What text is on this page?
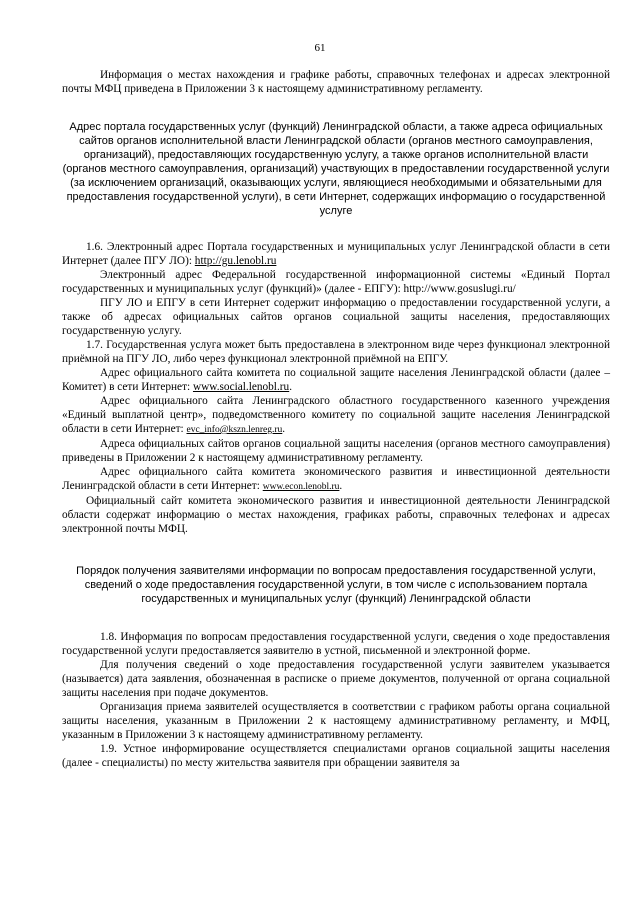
61

Информация о местах нахождения и графике работы, справочных телефонах и адресах электронной почты МФЦ приведена в Приложении 3 к настоящему административному регламенту.

Адрес портала государственных услуг (функций) Ленинградской области, а также адреса официальных сайтов органов исполнительной власти Ленинградской области (органов местного самоуправления, организаций), предоставляющих государственную услугу, а также органов исполнительной власти (органов местного самоуправления, организаций) участвующих в предоставлении государственной услуги (за исключением организаций, оказывающих услуги, являющиеся необходимыми и обязательными для предоставления государственной услуги), в сети Интернет, содержащих информацию о государственной услуге

1.6. Электронный адрес Портала государственных и муниципальных услуг Ленинградской области в сети Интернет (далее ПГУ ЛО): http://gu.lenobl.ru

Электронный адрес Федеральной государственной информационной системы «Единый Портал государственных и муниципальных услуг (функций)» (далее - ЕПГУ): http://www.gosuslugi.ru/

ПГУ ЛО и ЕПГУ в сети Интернет содержит информацию о предоставлении государственной услуги, а также об адресах официальных сайтов органов социальной защиты населения, предоставляющих государственную услугу.

1.7. Государственная услуга может быть предоставлена в электронном виде через функционал электронной приёмной на ПГУ ЛО, либо через функционал электронной приёмной на ЕПГУ.

Адрес официального сайта комитета по социальной защите населения Ленинградской области (далее – Комитет) в сети Интернет: www.social.lenobl.ru.

Адрес официального сайта Ленинградского областного государственного казенного учреждения «Единый выплатной центр», подведомственного комитету по социальной защите населения Ленинградской области в сети Интернет: evc_info@kszn.lenreg.ru.

Адреса официальных сайтов органов социальной защиты населения (органов местного самоуправления) приведены в Приложении 2 к настоящему административному регламенту.

Адрес официального сайта комитета экономического развития и инвестиционной деятельности Ленинградской области в сети Интернет: www.econ.lenobl.ru.

Официальный сайт комитета экономического развития и инвестиционной деятельности Ленинградской области содержат информацию о местах нахождения, графиках работы, справочных телефонах и адресах электронной почты МФЦ.

Порядок получения заявителями информации по вопросам предоставления государственной услуги, сведений о ходе предоставления государственной услуги, в том числе с использованием портала государственных и муниципальных услуг (функций) Ленинградской области

1.8. Информация по вопросам предоставления государственной услуги, сведения о ходе предоставления государственной услуги предоставляется заявителю в устной, письменной и электронной форме.

Для получения сведений о ходе предоставления государственной услуги заявителем указывается (называется) дата заявления, обозначенная в расписке о приеме документов, полученной от органа социальной защиты населения при подаче документов.

Организация приема заявителей осуществляется в соответствии с графиком работы органа социальной защиты населения, указанным в Приложении 2 к настоящему административному регламенту, и МФЦ, указанным в Приложении 3 к настоящему административному регламенту.

1.9. Устное информирование осуществляется специалистами органов социальной защиты населения (далее - специалисты) по месту жительства заявителя при обращении заявителя за
